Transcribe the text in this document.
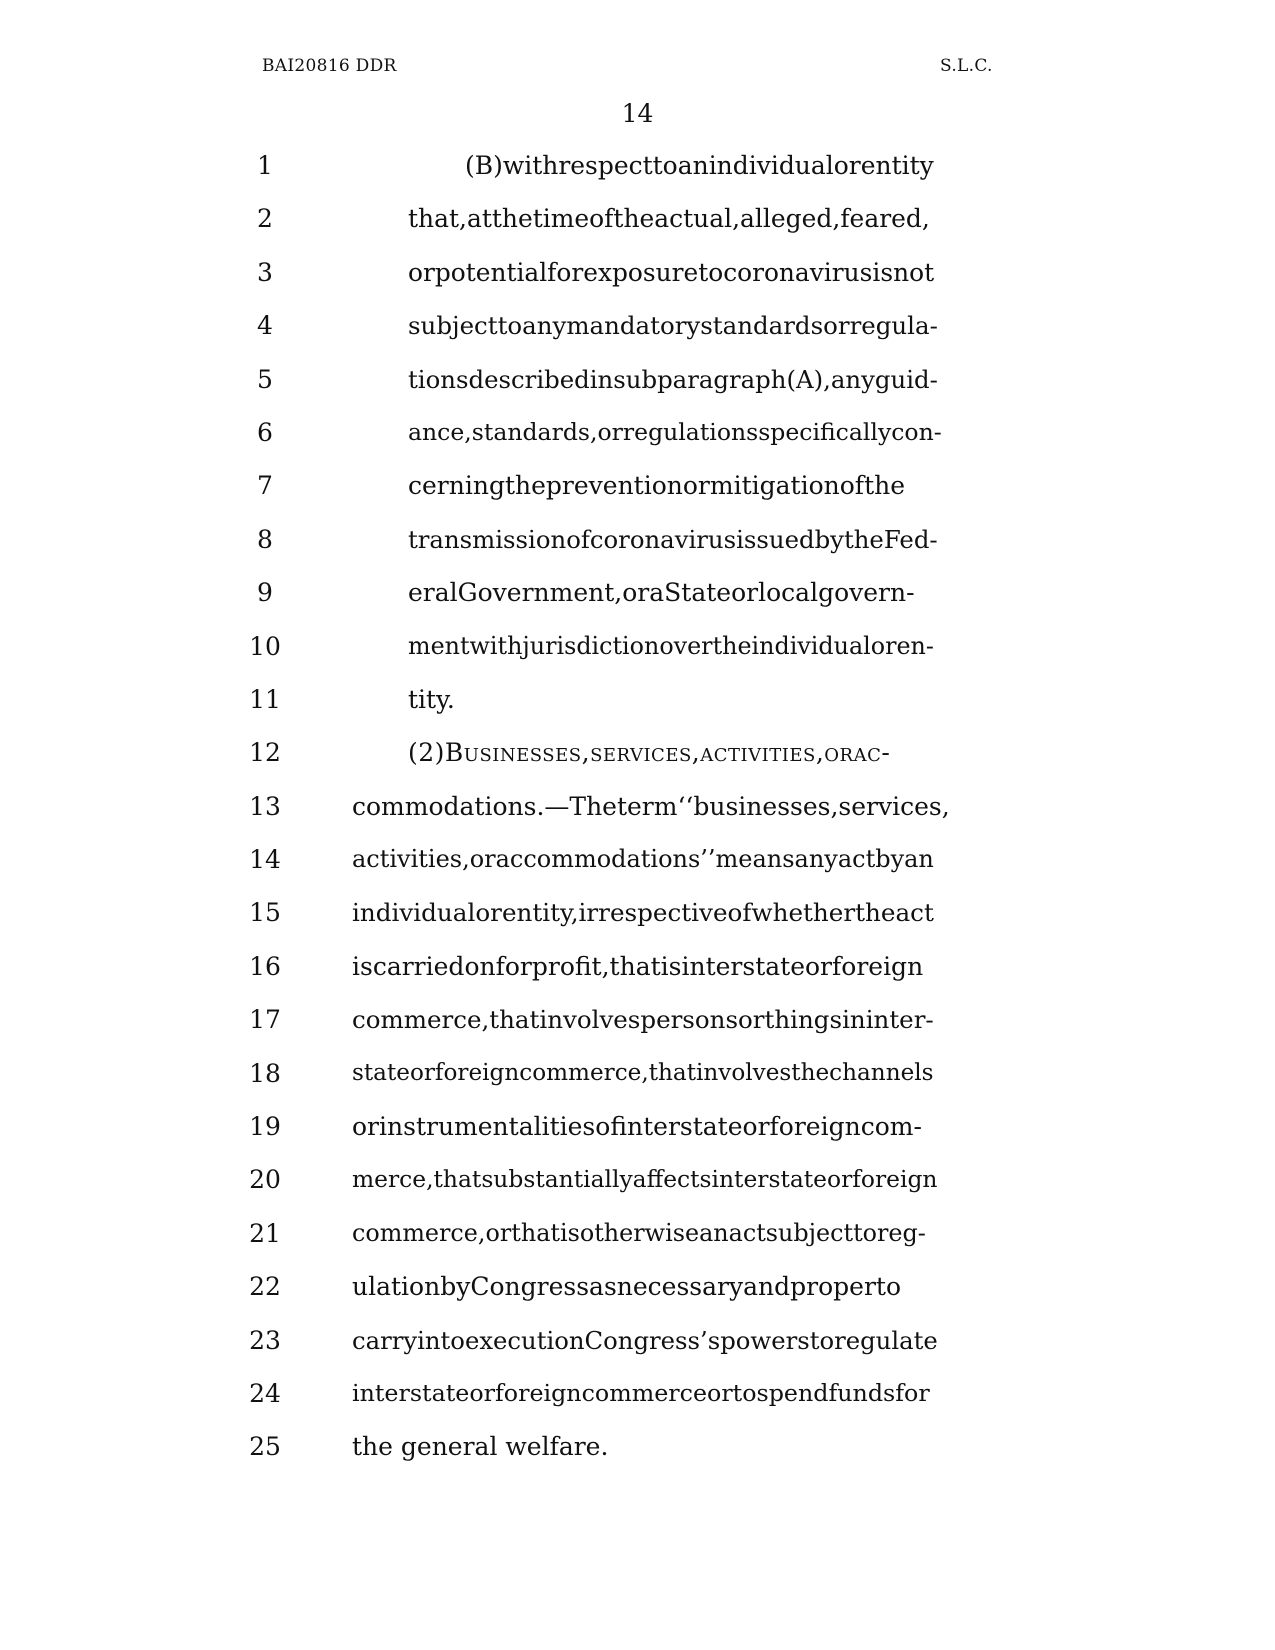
BAI20816 DDR	S.L.C.
14
1
2
3
4
5
6
7
8
9
10
11
12
13
14
15
16
17
18
19
20
21
22
23
24
25
(B)withrespecttoanindividualorentity
that,atthetimeoftheactual,alleged,feared,
orpotentialforexposuretocoronavirusisnot
subjecttoanymandatorystandardsorregula-
tionsdescribedinsubparagraph(A),anyguid-
ance,standards,orregulationsspecificallycon-
cerningthepreventionormitigationofthe
transmissionofcoronavirusissuedbytheFed-
eralGovernment,oraStateorlocalgovern-
mentwithjurisdictionovertheindividualoren-
tity.
(2)Businesses,services,activities,orac-
commodations.—Theterm‘‘businesses,services,
activities,oraccommodations’’meansanyactbyan
individualorentity,irrespectiveofwhethertheact
iscarriedonforprofit,thatisinterstateorforeign
commerce,thatinvolvespersonsorthingsininter-
stateorforeigncommerce,thatinvolvesthechannels
orinstrumentalitiesofinterstateorforeigncom-
merce,thatsubstantiallyaffectsinterstateorforeign
commerce,orthatisotherwiseanactsubjecttoreg-
ulationbyCongressasnecessaryandproperto
carryintoexecutionCongress’spowerstoregulate
interstateorforeigncommerceortospendfundsfor
the general welfare.
